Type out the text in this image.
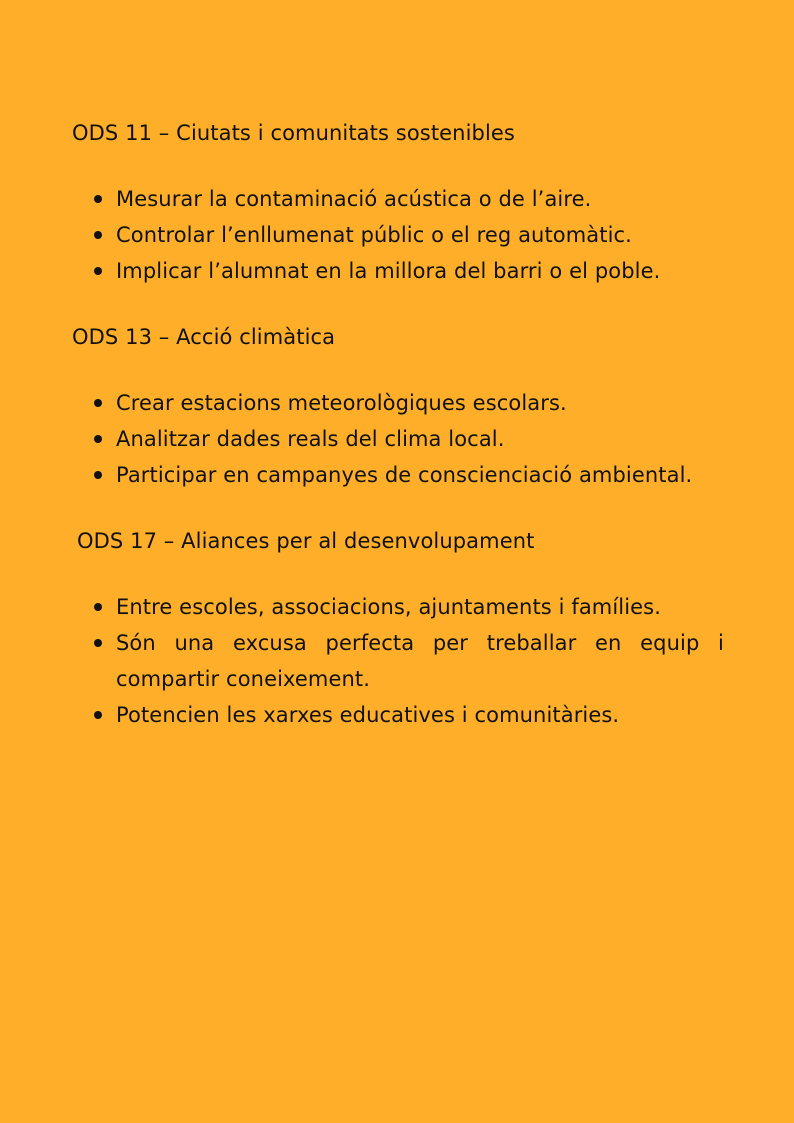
ODS 11 – Ciutats i comunitats sostenibles
Mesurar la contaminació acústica o de l’aire.
Controlar l’enllumenat públic o el reg automàtic.
Implicar l’alumnat en la millora del barri o el poble.
ODS 13 – Acció climàtica
Crear estacions meteorològiques escolars.
Analitzar dades reals del clima local.
Participar en campanyes de conscienciació ambiental.
ODS 17 – Aliances per al desenvolupament
Entre escoles, associacions, ajuntaments i famílies.
Són una excusa perfecta per treballar en equip i compartir coneixement.
Potencien les xarxes educatives i comunitàries.
